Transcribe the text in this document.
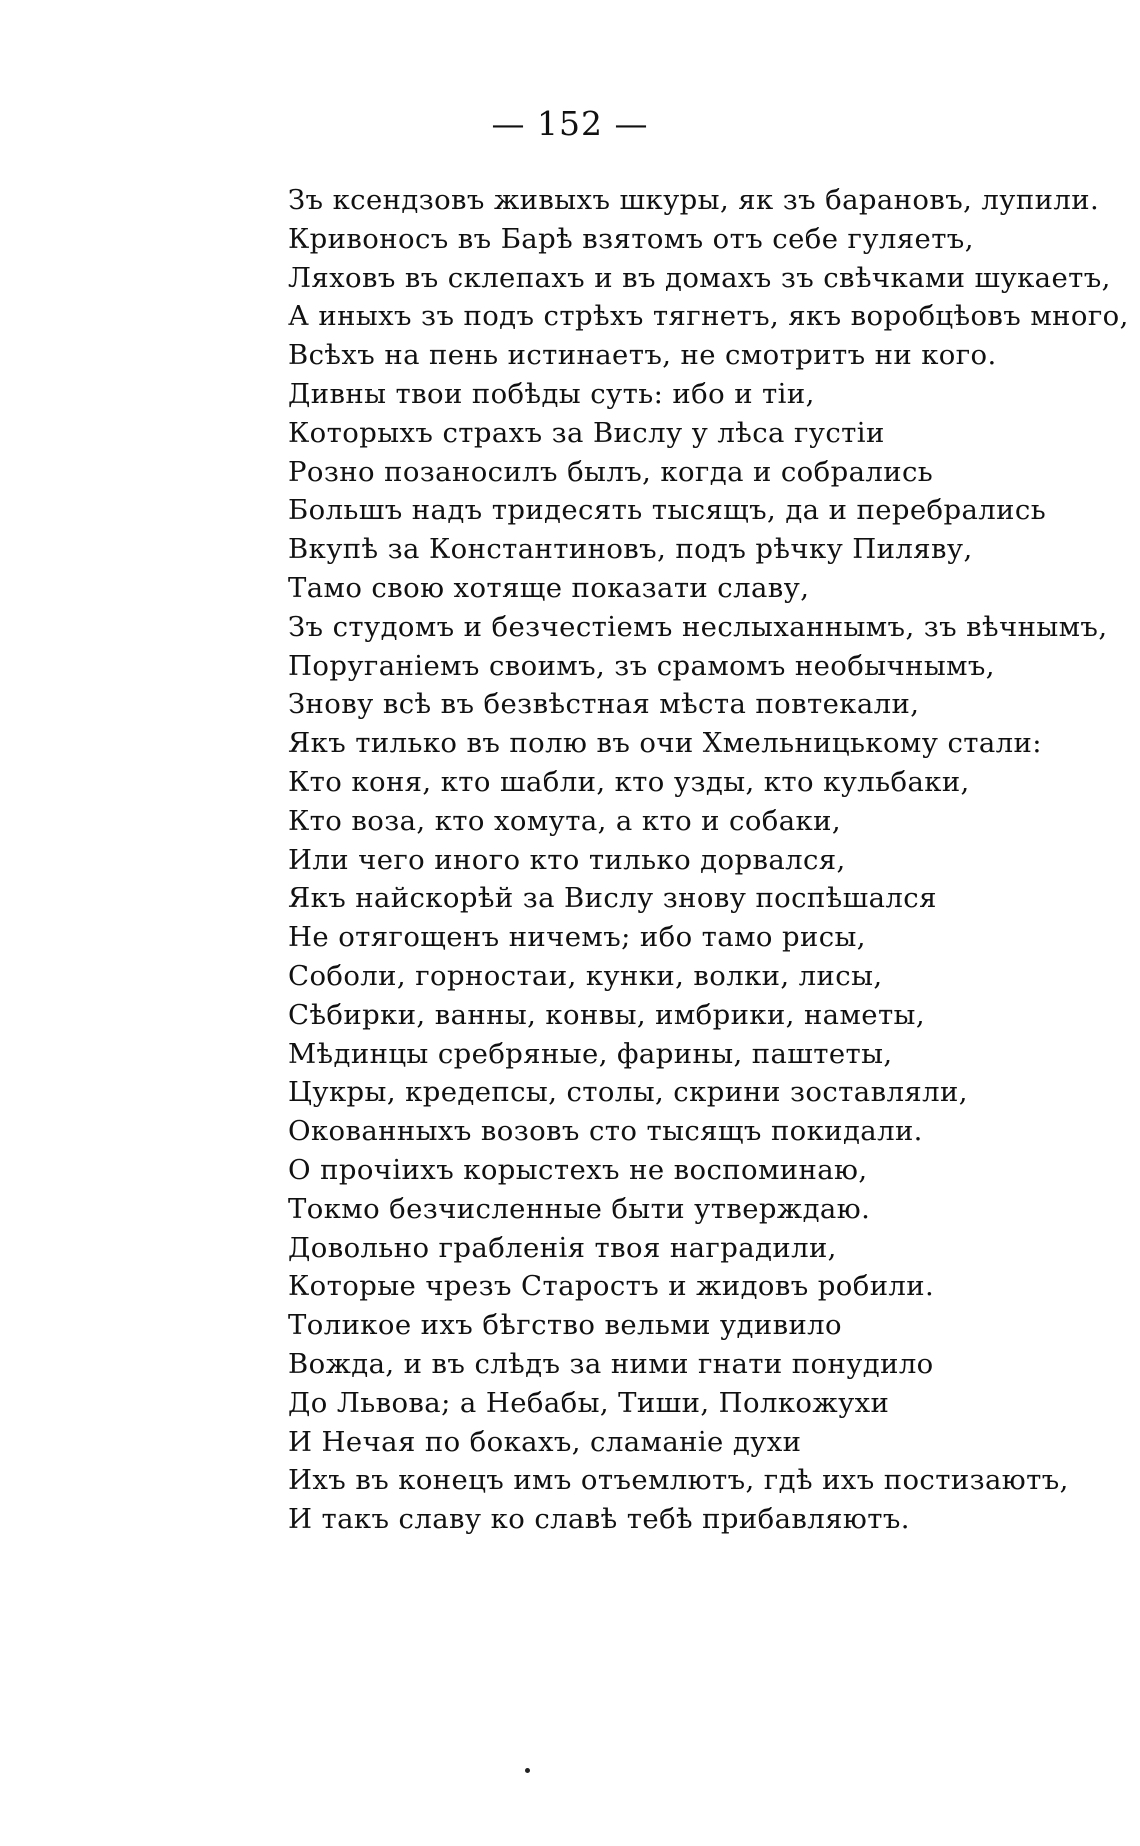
— 152 —
Зъ ксендзовъ живыхъ шкуры, як зъ барановъ, лупили.
Кривоносъ въ Барѣ взятомъ отъ себе гуляетъ,
Ляховъ въ склепахъ и въ домахъ зъ свѣчками шукаетъ,
А иныхъ зъ подъ стрѣхъ тягнетъ, якъ воробцѣовъ много,
Всѣхъ на пень истинаетъ, не смотритъ ни кого.
Дивны твои побѣды суть: ибо и тіи,
Которыхъ страхъ за Вислу у лѣса густіи
Розно позаносилъ былъ, когда и собрались
Большъ надъ тридесять тысящъ, да и перебрались
Вкупѣ за Константиновъ, подъ рѣчку Пиляву,
Тамо свою хотяще показати славу,
Зъ студомъ и безчестіемъ неслыханнымъ, зъ вѣчнымъ,
Поруганіемъ своимъ, зъ срамомъ необычнымъ,
Знову всѣ въ безвѣстная мѣста повтекали,
Якъ тилько въ полю въ очи Хмельницькому стали:
Кто коня, кто шабли, кто узды, кто кульбаки,
Кто воза, кто хомута, а кто и собаки,
Или чего иного кто тилько дорвался,
Якъ найскорѣй за Вислу знову поспѣшался
Не отягощенъ ничемъ; ибо тамо рисы,
Соболи, горностаи, кунки, волки, лисы,
Сѣбирки, ванны, конвы, имбрики, наметы,
Мѣдинцы сребряные, фарины, паштеты,
Цукры, кредепсы, столы, скрини зоставляли,
Окованныхъ возовъ сто тысящъ покидали.
О прочіихъ корыстехъ не воспоминаю,
Токмо безчисленные быти утверждаю.
Довольно грабленія твоя наградили,
Которые чрезъ Старостъ и жидовъ робили.
Толикое ихъ бѣгство вельми удивило
Вожда, и въ слѣдъ за ними гнати понудило
До Львова; а Небабы, Тиши, Полкожухи
И Нечая по бокахъ, сламаніе духи
Ихъ въ конецъ имъ отъемлютъ, гдѣ ихъ постизаютъ,
И такъ славу ко славѣ тебѣ прибавляютъ.
